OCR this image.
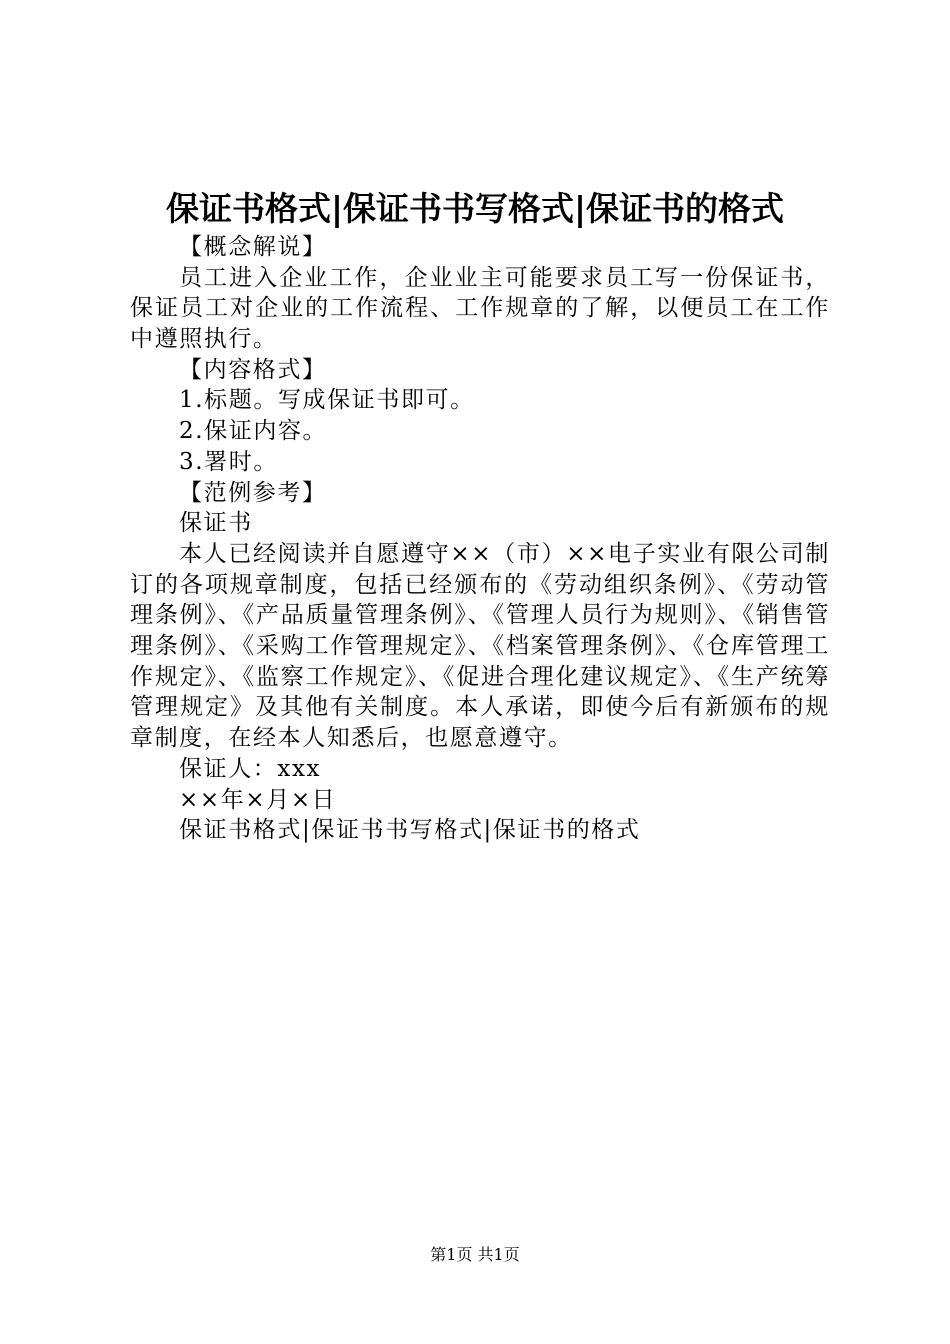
保证书格式|保证书书写格式|保证书的格式
【概念解说】
员工进入企业工作，企业业主可能要求员工写一份保证书，保证员工对企业的工作流程、工作规章的了解，以便员工在工作中遵照执行。
【内容格式】
1.标题。写成保证书即可。
2.保证内容。
3.署时。
【范例参考】
保证书
本人已经阅读并自愿遵守××（市）××电子实业有限公司制订的各项规章制度，包括已经颁布的《劳动组织条例》、《劳动管理条例》、《产品质量管理条例》、《管理人员行为规则》、《销售管理条例》、《采购工作管理规定》、《档案管理条例》、《仓库管理工作规定》、《监察工作规定》、《促进合理化建议规定》、《生产统筹管理规定》及其他有关制度。本人承诺，即使今后有新颁布的规章制度，在经本人知悉后，也愿意遵守。
保证人：xxx
××年×月×日
保证书格式|保证书书写格式|保证书的格式
第1页 共1页
